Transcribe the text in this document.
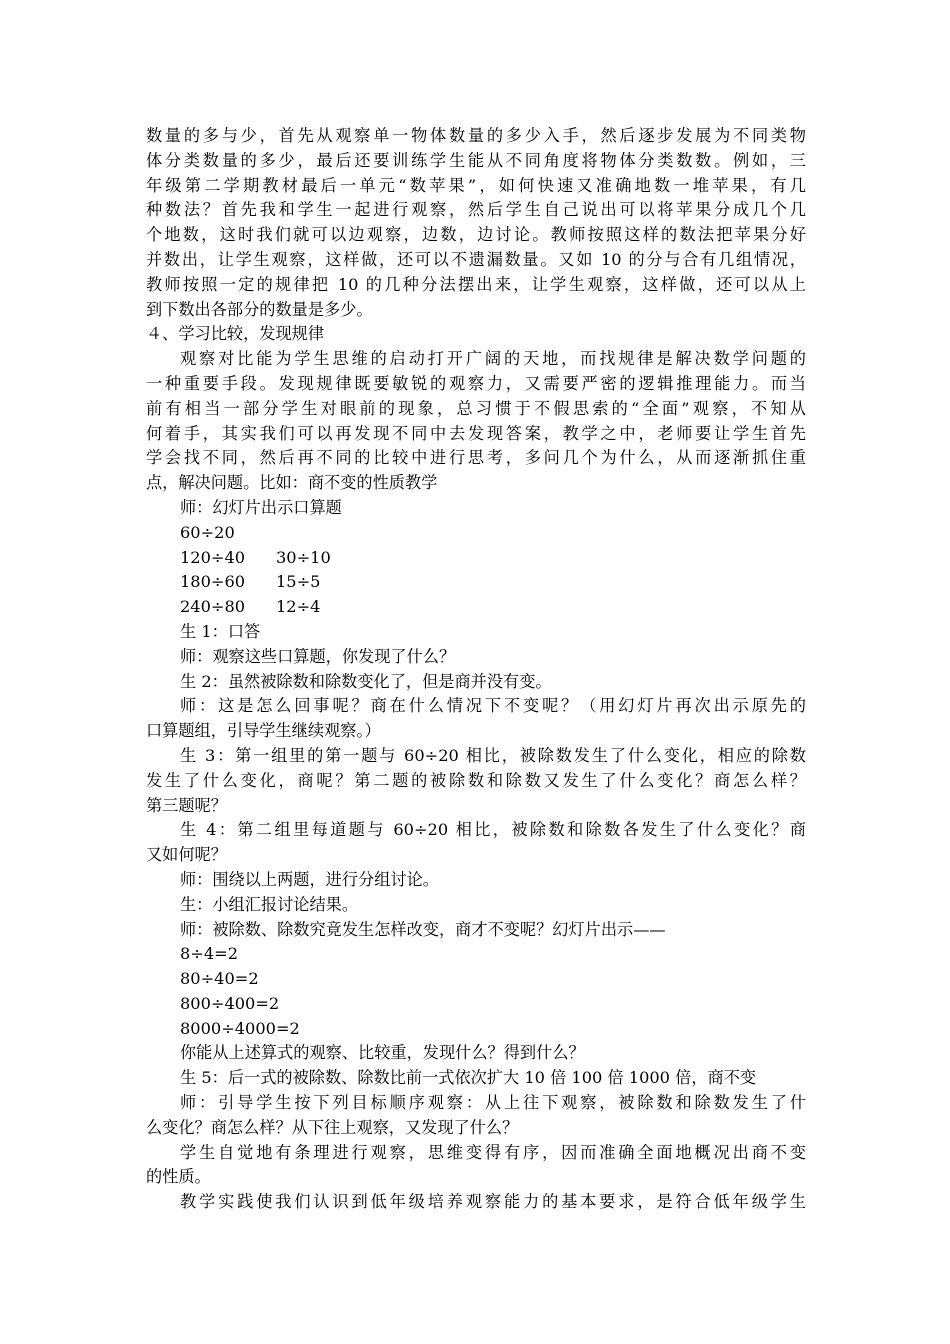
数量的多与少，首先从观察单一物体数量的多少入手，然后逐步发展为不同类物
体分类数量的多少，最后还要训练学生能从不同角度将物体分类数数。例如，三
年级第二学期教材最后一单元“数苹果”，如何快速又准确地数一堆苹果，有几
种数法？首先我和学生一起进行观察，然后学生自己说出可以将苹果分成几个几
个地数，这时我们就可以边观察，边数，边讨论。教师按照这样的数法把苹果分好
并数出，让学生观察，这样做，还可以不遗漏数量。又如 10 的分与合有几组情况，
教师按照一定的规律把 10 的几种分法摆出来，让学生观察，这样做，还可以从上
到下数出各部分的数量是多少。
４、学习比较，发现规律
观察对比能为学生思维的启动打开广阔的天地，而找规律是解决数学问题的
一种重要手段。发现规律既要敏锐的观察力，又需要严密的逻辑推理能力。而当
前有相当一部分学生对眼前的现象，总习惯于不假思索的“全面”观察，不知从
何着手，其实我们可以再发现不同中去发现答案，教学之中，老师要让学生首先
学会找不同，然后再不同的比较中进行思考，多问几个为什么，从而逐渐抓住重
点，解决问题。比如：商不变的性质教学
师：幻灯片出示口算题
60÷20
120÷40 30÷10
180÷60 15÷5
240÷80 12÷4
生 1：口答
师：观察这些口算题，你发现了什么？
生 2：虽然被除数和除数变化了，但是商并没有变。
师：这是怎么回事呢？商在什么情况下不变呢？（用幻灯片再次出示原先的
口算题组，引导学生继续观察。）
生 3：第一组里的第一题与 60÷20 相比，被除数发生了什么变化，相应的除数
发生了什么变化，商呢？第二题的被除数和除数又发生了什么变化？商怎么样？
第三题呢？
生 4：第二组里每道题与 60÷20 相比，被除数和除数各发生了什么变化？商
又如何呢？
师：围绕以上两题，进行分组讨论。
生：小组汇报讨论结果。
师：被除数、除数究竟发生怎样改变，商才不变呢？幻灯片出示——
8÷4=2
80÷40=2
800÷400=2
8000÷4000=2
你能从上述算式的观察、比较重，发现什么？得到什么？
生 5：后一式的被除数、除数比前一式依次扩大 10 倍 100 倍 1000 倍，商不变
师：引导学生按下列目标顺序观察：从上往下观察，被除数和除数发生了什
么变化？商怎么样？从下往上观察，又发现了什么？
学生自觉地有条理进行观察，思维变得有序，因而准确全面地概况出商不变
的性质。
教学实践使我们认识到低年级培养观察能力的基本要求，是符合低年级学生
